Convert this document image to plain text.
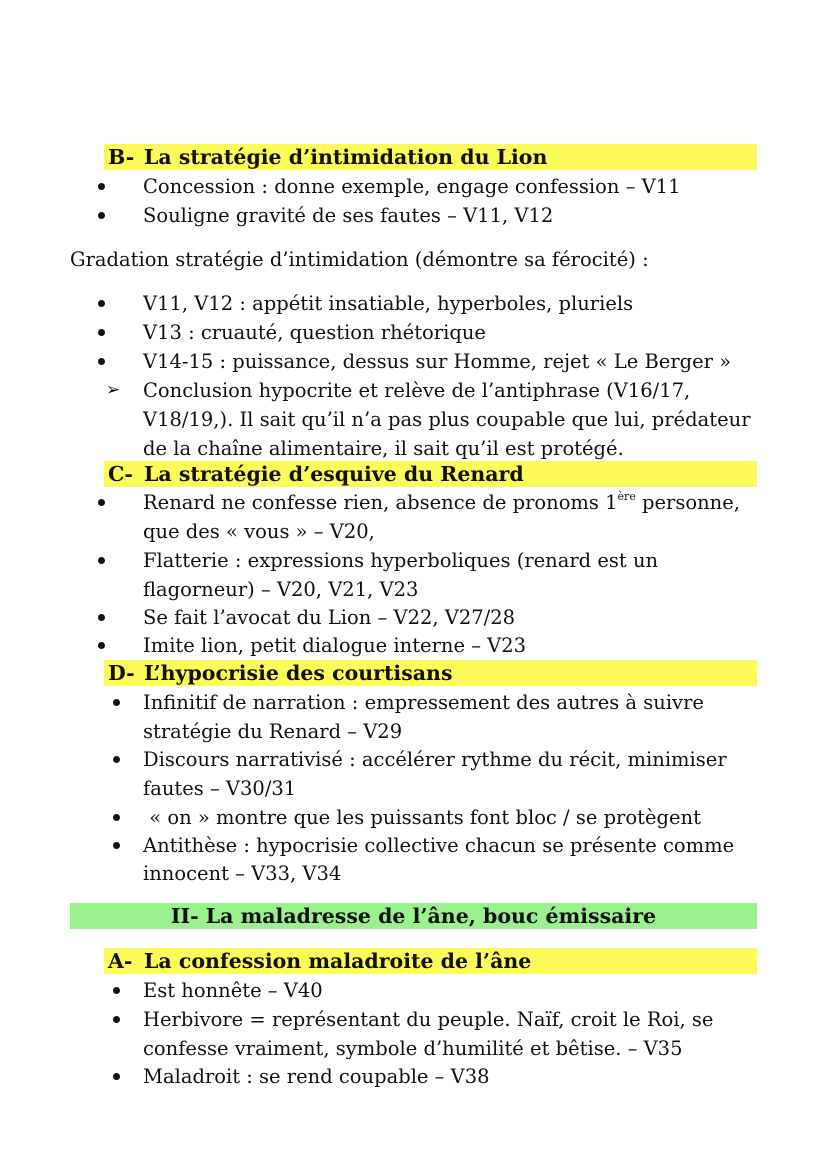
B- La stratégie d’intimidation du Lion
Concession : donne exemple, engage confession – V11
Souligne gravité de ses fautes – V11, V12
Gradation stratégie d’intimidation (démontre sa férocité) :
V11, V12 : appétit insatiable, hyperboles, pluriels
V13 : cruauté, question rhétorique
V14-15 : puissance, dessus sur Homme, rejet « Le Berger »
➢ Conclusion hypocrite et relève de l’antiphrase (V16/17,
V18/19,). Il sait qu’il n’a pas plus coupable que lui, prédateur
de la chaîne alimentaire, il sait qu’il est protégé.
C- La stratégie d’esquive du Renard
Renard ne confesse rien, absence de pronoms 1ère personne,
que des « vous » – V20,
Flatterie : expressions hyperboliques (renard est un
flagorneur) – V20, V21, V23
Se fait l’avocat du Lion – V22, V27/28
Imite lion, petit dialogue interne – V23
D- L’hypocrisie des courtisans
Infinitif de narration : empressement des autres à suivre
stratégie du Renard – V29
Discours narrativisé : accélérer rythme du récit, minimiser
fautes – V30/31
« on » montre que les puissants font bloc / se protègent
Antithèse : hypocrisie collective chacun se présente comme
innocent – V33, V34
II- La maladresse de l’âne, bouc émissaire
A- La confession maladroite de l’âne
Est honnête – V40
Herbivore = représentant du peuple. Naïf, croit le Roi, se
confesse vraiment, symbole d’humilité et bêtise. – V35
Maladroit : se rend coupable – V38
